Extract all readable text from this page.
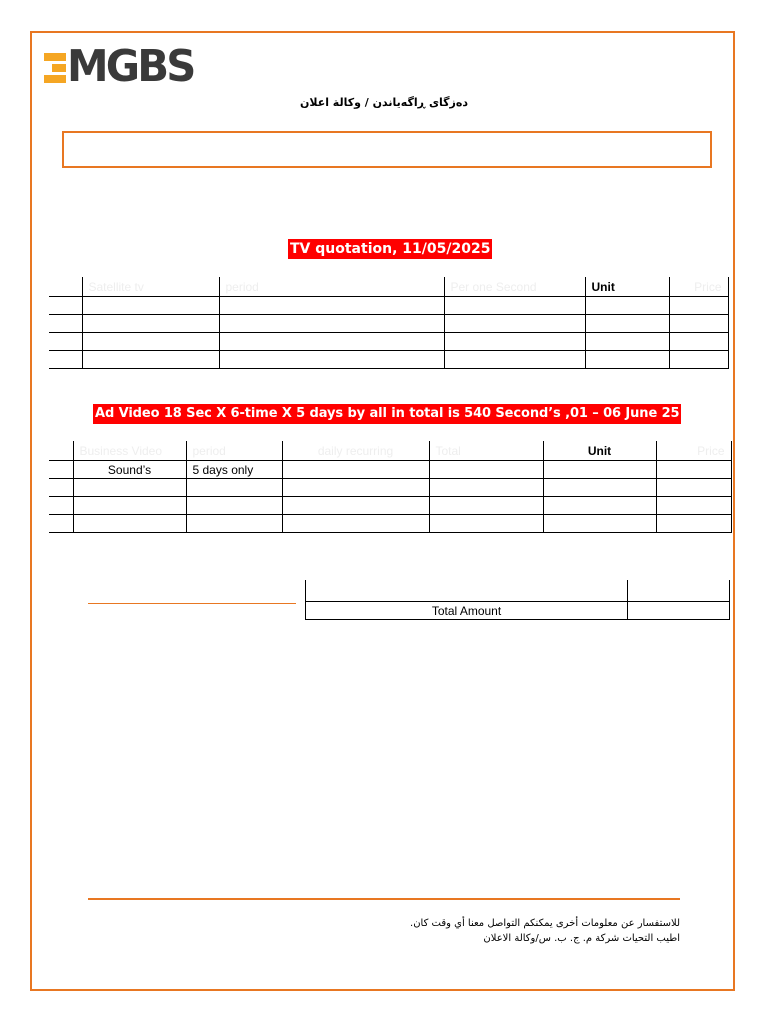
MGBS
دەزگای ڕاگەیاندن / وكالة اعلان
TV quotation, 11/05/2025
	Satellite tv	period	Per one Second	Unit	Price

Ad Video 18 Sec X 6-time X 5 days by all in total is 540 Second’s ,01 – 06 June 25
	Business Video	period	daily recurring	Total	Unit	Price
	Sound’s	5 days only				

Total Amount	
للاستفسار عن معلومات أخرى يمكنكم التواصل معنا أي وقت كان.
اطيب التحيات شركة م. ج. ب. س/وكالة الاعلان
